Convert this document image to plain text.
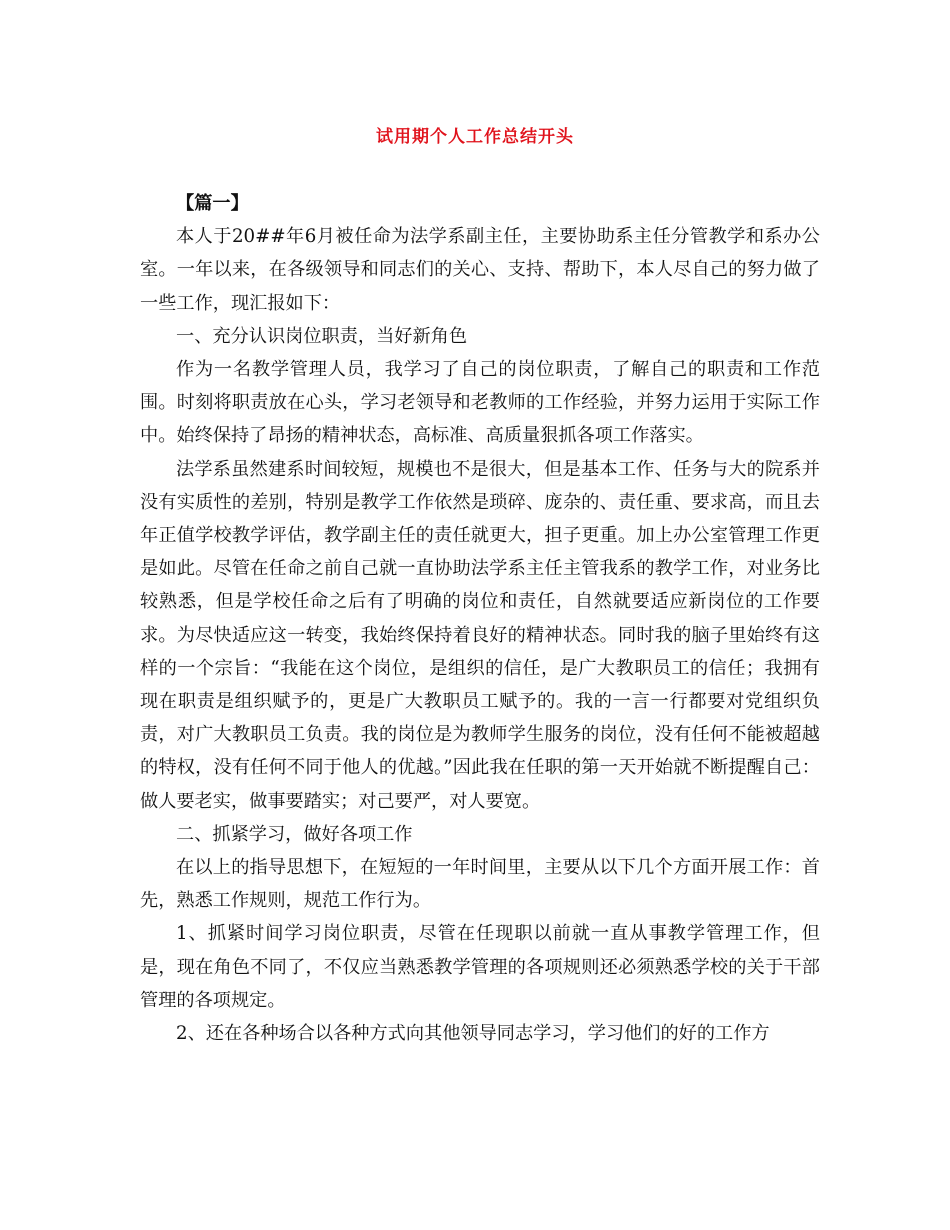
试用期个人工作总结开头

【篇一】

本人于20##年6月被任命为法学系副主任，主要协助系主任分管教学和系办公室。一年以来，在各级领导和同志们的关心、支持、帮助下，本人尽自己的努力做了一些工作，现汇报如下：

一、充分认识岗位职责，当好新角色

作为一名教学管理人员，我学习了自己的岗位职责，了解自己的职责和工作范围。时刻将职责放在心头，学习老领导和老教师的工作经验，并努力运用于实际工作中。始终保持了昂扬的精神状态，高标准、高质量狠抓各项工作落实。

法学系虽然建系时间较短，规模也不是很大，但是基本工作、任务与大的院系并没有实质性的差别，特别是教学工作依然是琐碎、庞杂的、责任重、要求高，而且去年正值学校教学评估，教学副主任的责任就更大，担子更重。加上办公室管理工作更是如此。尽管在任命之前自己就一直协助法学系主任主管我系的教学工作，对业务比较熟悉，但是学校任命之后有了明确的岗位和责任，自然就要适应新岗位的工作要求。为尽快适应这一转变，我始终保持着良好的精神状态。同时我的脑子里始终有这样的一个宗旨：“我能在这个岗位，是组织的信任，是广大教职员工的信任；我拥有现在职责是组织赋予的，更是广大教职员工赋予的。我的一言一行都要对党组织负责，对广大教职员工负责。我的岗位是为教师学生服务的岗位，没有任何不能被超越的特权，没有任何不同于他人的优越。”因此我在任职的第一天开始就不断提醒自己：做人要老实，做事要踏实；对己要严，对人要宽。

二、抓紧学习，做好各项工作

在以上的指导思想下，在短短的一年时间里，主要从以下几个方面开展工作：首先，熟悉工作规则，规范工作行为。

1、抓紧时间学习岗位职责，尽管在任现职以前就一直从事教学管理工作，但是，现在角色不同了，不仅应当熟悉教学管理的各项规则还必须熟悉学校的关于干部管理的各项规定。

2、还在各种场合以各种方式向其他领导同志学习，学习他们的好的工作方
